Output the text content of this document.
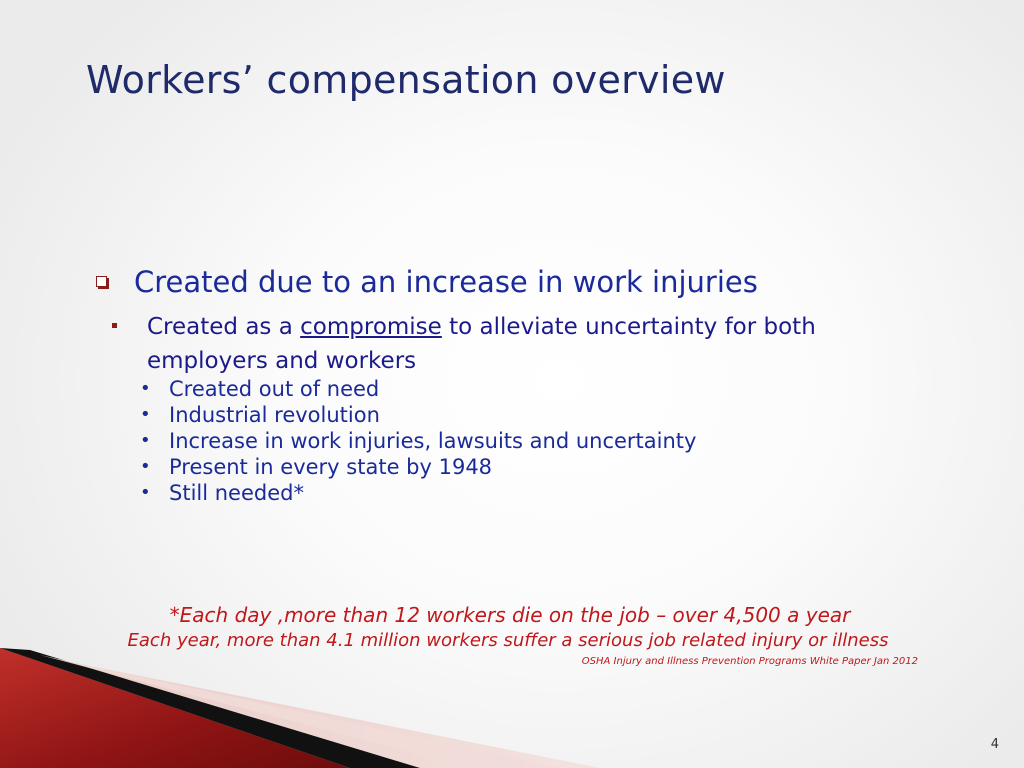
Workers’ compensation overview
Created due to an increase in work injuries
Created as a compromise to alleviate uncertainty for both employers and workers
• Created out of need
• Industrial revolution
• Increase in work injuries, lawsuits and uncertainty
• Present in every state by 1948
• Still needed*
*Each day ,more than 12 workers die on the job – over 4,500 a year
Each year, more than 4.1 million workers suffer a serious job related injury or illness
OSHA Injury and Illness Prevention Programs White Paper Jan 2012
4
